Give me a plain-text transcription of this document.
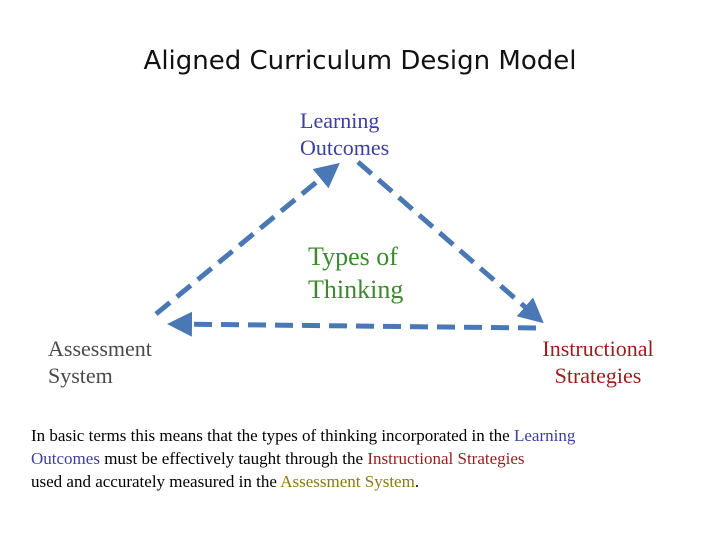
Aligned Curriculum Design Model
Learning
Outcomes
Types of
Thinking
Assessment
System
Instructional
Strategies
In basic terms this means that the types of thinking incorporated in the Learning
Outcomes must be effectively taught through the Instructional Strategies
used and accurately measured in the Assessment System.
